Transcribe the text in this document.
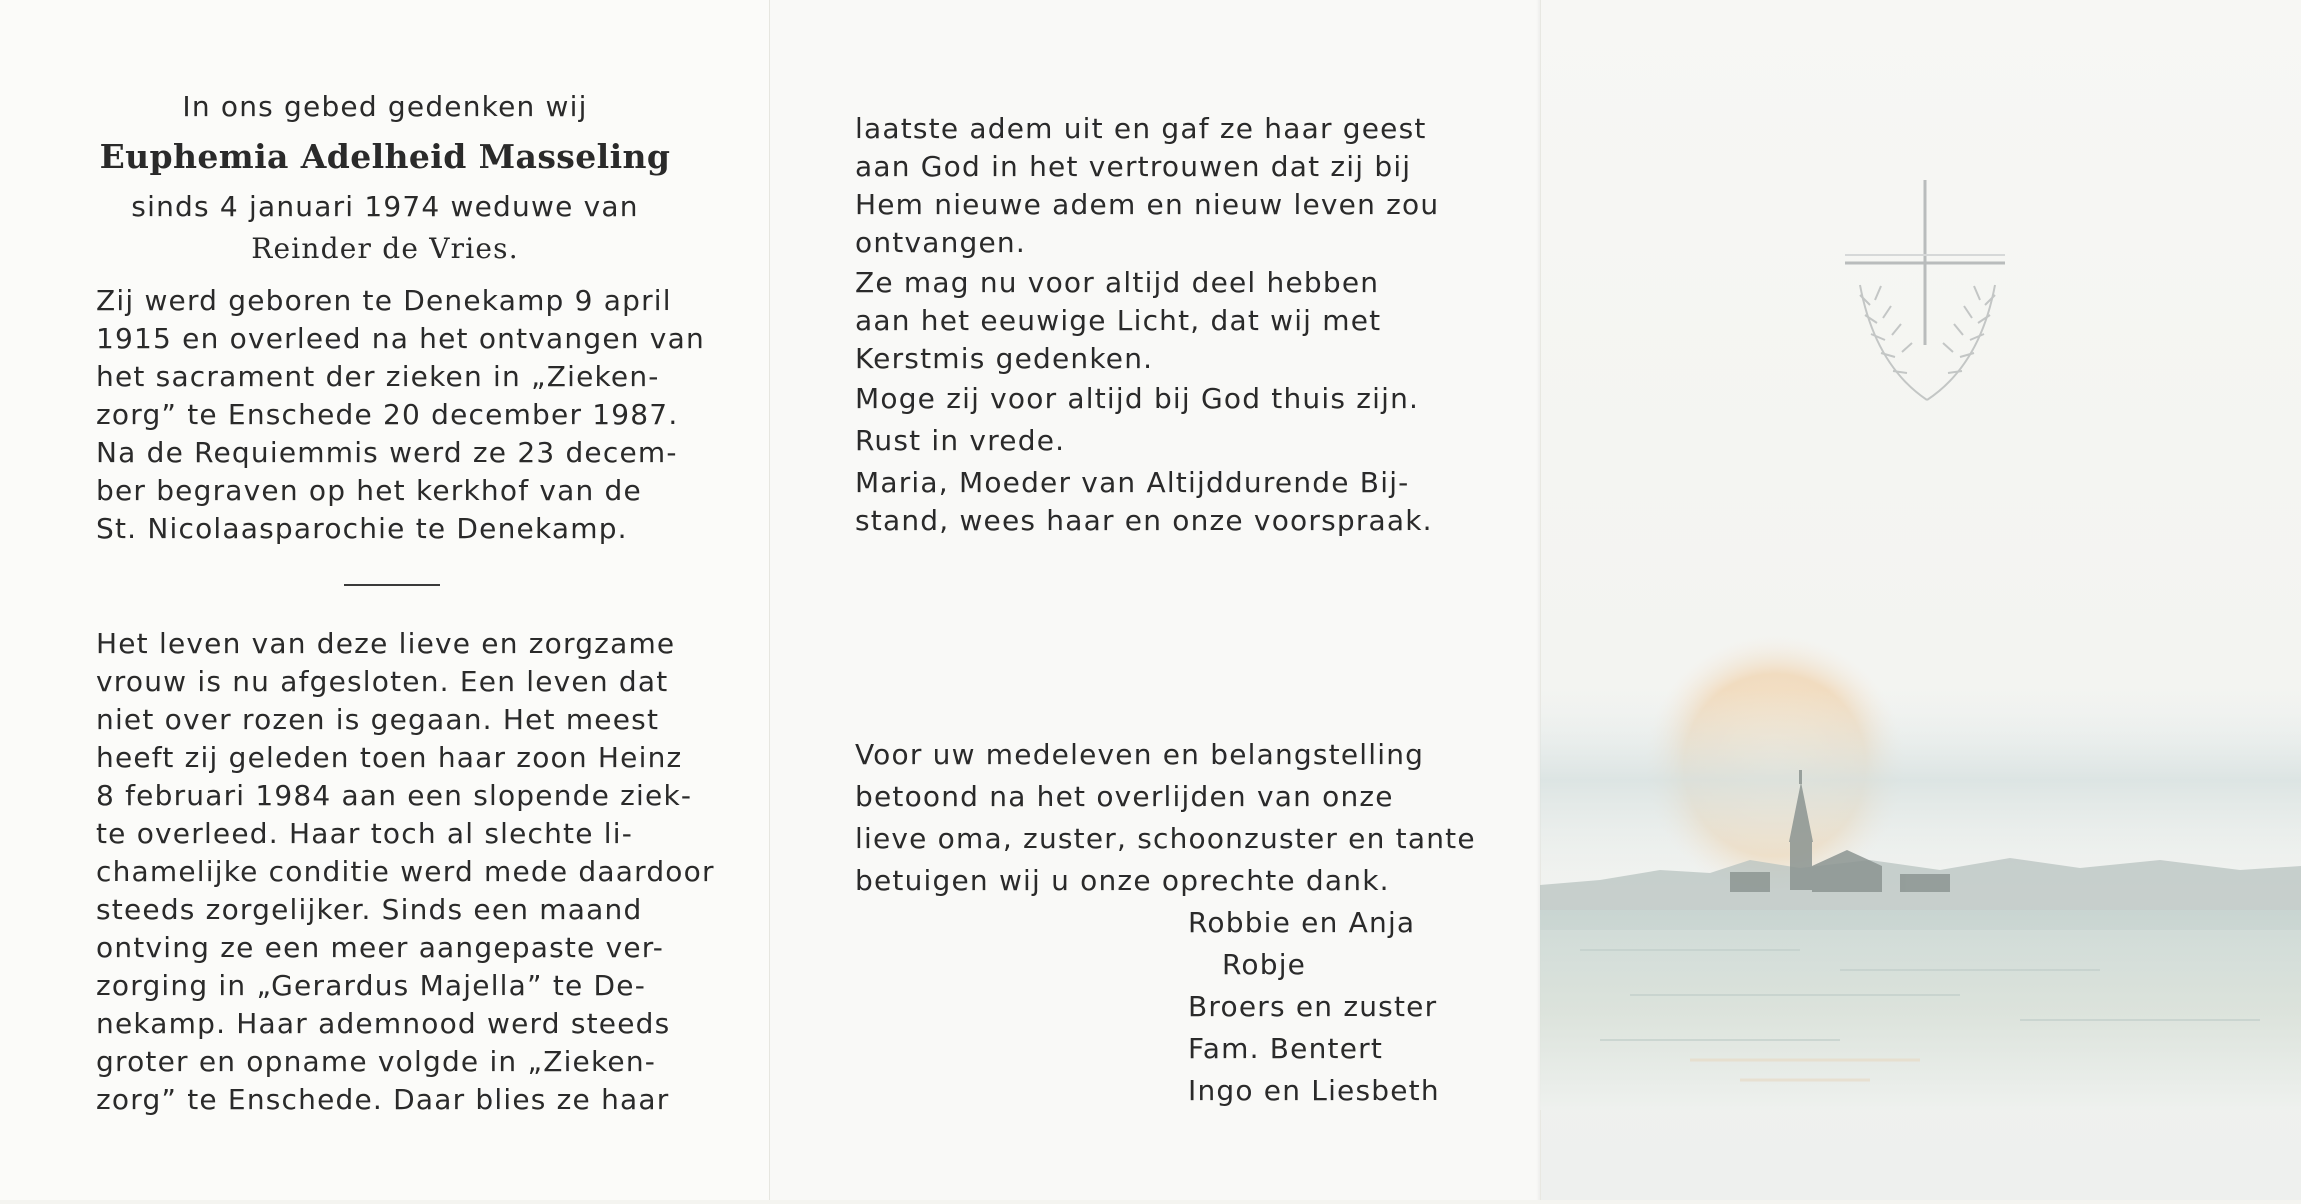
In ons gebed gedenken wij
Euphemia Adelheid Masseling
sinds 4 januari 1974 weduwe van
Reinder de Vries.
Zij werd geboren te Denekamp 9 april
1915 en overleed na het ontvangen van
het sacrament der zieken in „Zieken-
zorg” te Enschede 20 december 1987.
Na de Requiemmis werd ze 23 decem-
ber begraven op het kerkhof van de
St. Nicolaasparochie te Denekamp.
Het leven van deze lieve en zorgzame
vrouw is nu afgesloten. Een leven dat
niet over rozen is gegaan. Het meest
heeft zij geleden toen haar zoon Heinz
8 februari 1984 aan een slopende ziek-
te overleed. Haar toch al slechte li-
chamelijke conditie werd mede daardoor
steeds zorgelijker. Sinds een maand
ontving ze een meer aangepaste ver-
zorging in „Gerardus Majella” te De-
nekamp. Haar ademnood werd steeds
groter en opname volgde in „Zieken-
zorg” te Enschede. Daar blies ze haar
laatste adem uit en gaf ze haar geest
aan God in het vertrouwen dat zij bij
Hem nieuwe adem en nieuw leven zou
ontvangen.
Ze mag nu voor altijd deel hebben
aan het eeuwige Licht, dat wij met
Kerstmis gedenken.
Moge zij voor altijd bij God thuis zijn.
Rust in vrede.
Maria, Moeder van Altijddurende Bij-
stand, wees haar en onze voorspraak.
Voor uw medeleven en belangstelling
betoond na het overlijden van onze
lieve oma, zuster, schoonzuster en tante
betuigen wij u onze oprechte dank.
Robbie en Anja
Robje
Broers en zuster
Fam. Bentert
Ingo en Liesbeth
